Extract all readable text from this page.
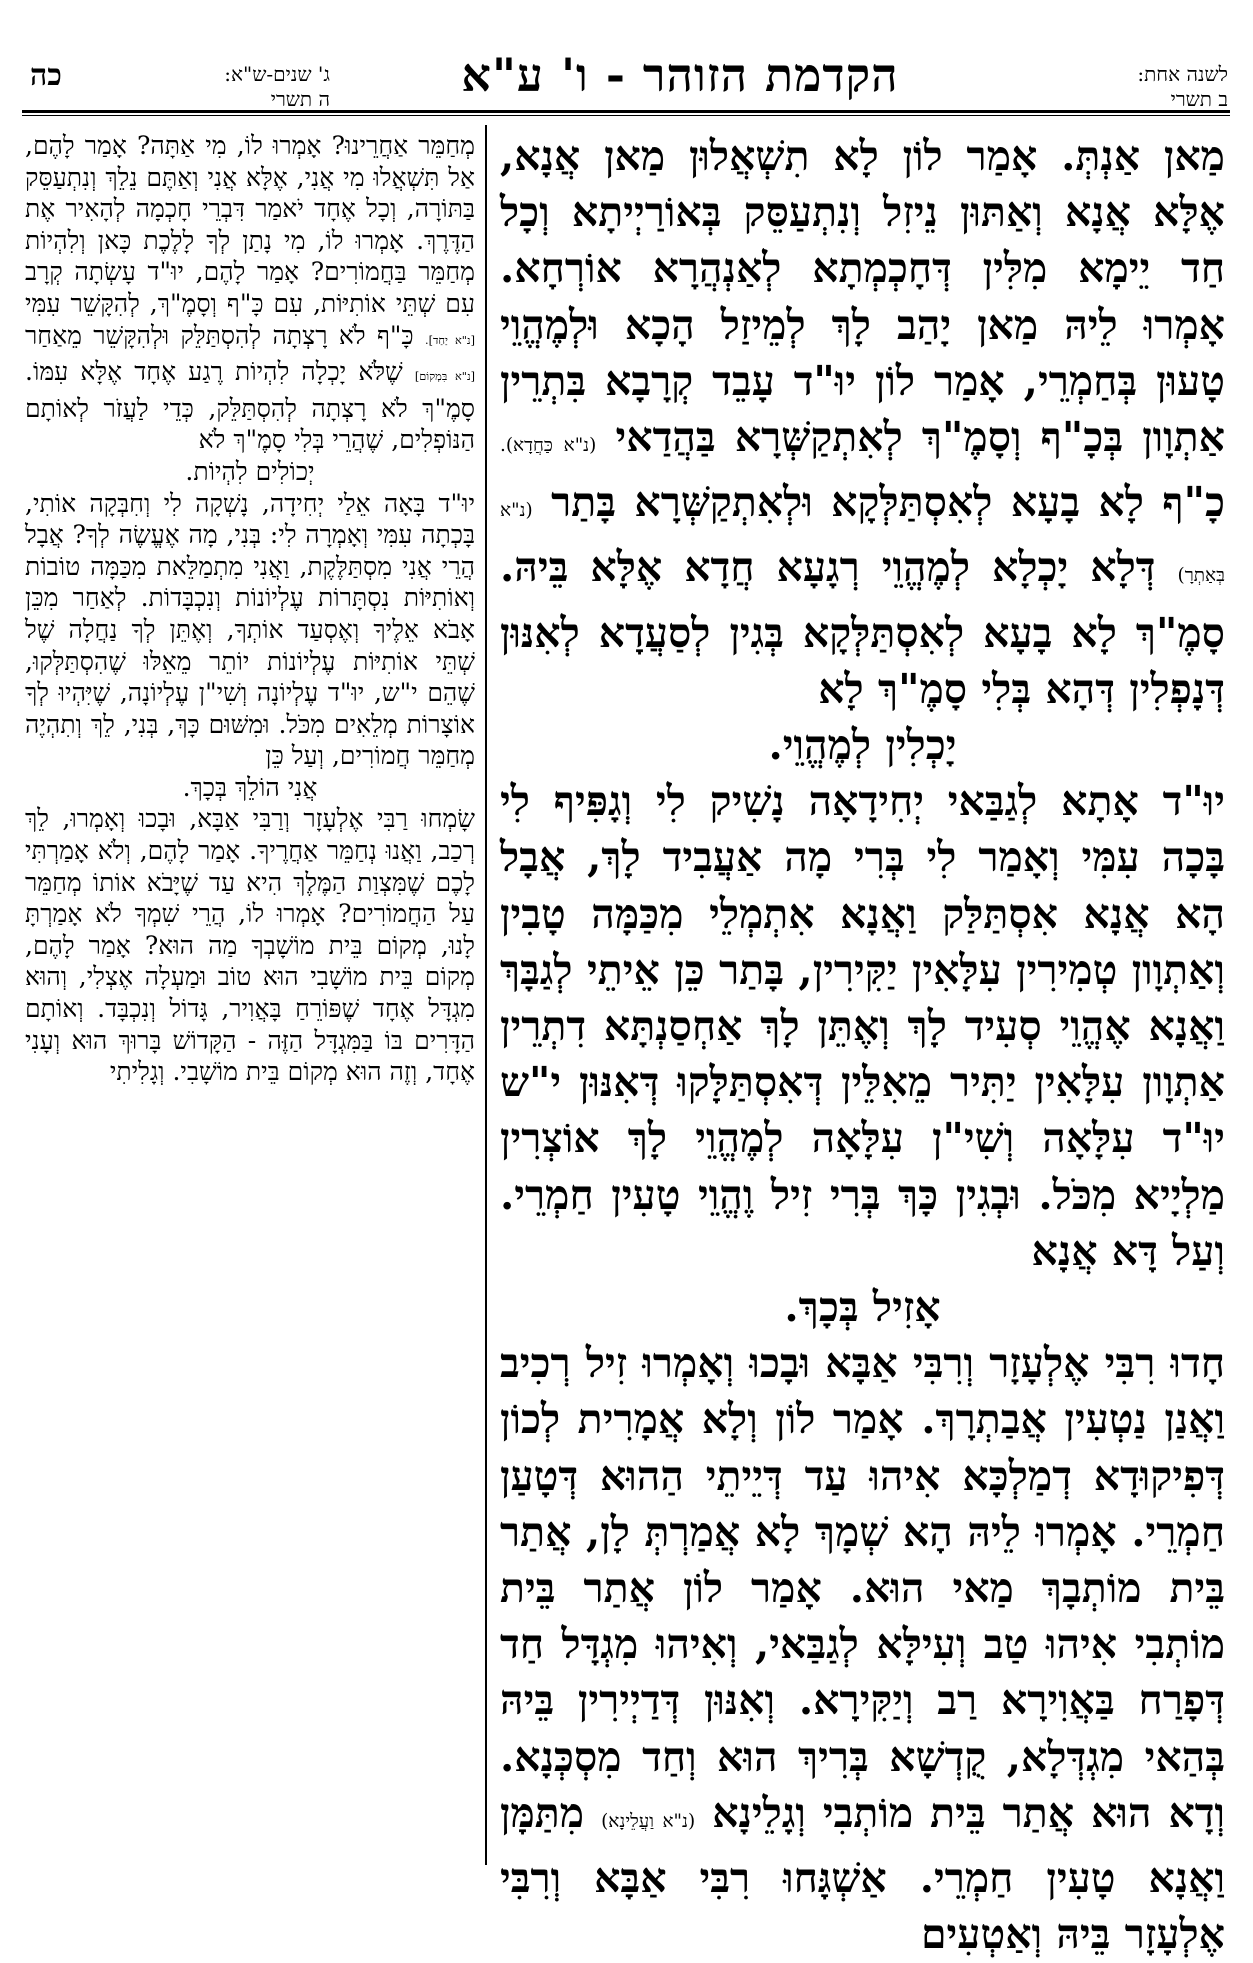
כה	ג' שנים-ש"א:
ה תשרי	הקדמת הזוהר - ו' ע"א	לשנה אחת:
ב תשרי

מַאן אַנְתְּ. אָמַר לוֹן לָא תִשְׁאֲלוּן מַאן אֲנָא, אֶלָּא אֲנָא וְאַתּוּן נֵיזִל וְנִתְעַסֵּק בְּאוֹרַיְיתָא וְכָל חַד יֵימָא מִלִּין דְּחָכְמְתָא לְאַנְהֲרָא אוֹרְחָא. אָמְרוּ לֵיהּ מַאן יָהַב לָךְ לְמֵיזַל הָכָא וּלְמֶהֱוֵי טָעוּן בְּחַמְרֵי, אָמַר לוֹן יוּ"ד עָבֵד קְרָבָא בִּתְרֵין אַתְוָון בְּכָ"ף וְסָמֶ"ךְ לְאִתְקַשְּׁרָא בַּהֲדַאי (נ"א כַּחֲדָא). כָ"ף לָא בָעָא לְאִסְתַּלְּקָא וּלְאִתְקַשְּׁרָא בָּתַר (נ"א בְּאַתְרָ) דְּלָא יָכְלָא לְמֶהֱוֵי רְגָעָא חֲדָא אֶלָּא בֵּיהּ. סָמֶ"ךְ לָא בָעָא לְאִסְתַּלְּקָא בְּגִין לְסַעֲדָא לְאִנּוּן דְּנָפְלִין דְּהָא בְּלִי סָמֶ"ךְ לָא

יָכְלִין לְמֶהֱוֵי.

יוּ"ד אָתָא לְגַבַּאי יְחִידָאָה נָשִׁיק לִי וְגָפִּיף לִי בָּכָה עִמִּי וְאָמַר לִי בְּרִי מָה אַעֲבִיד לָךְ, אֲבָל הָא אֲנָא אִסְתַּלַּק וַאֲנָא אִתְמְלֵי מִכַּמָּה טָבִין וְאַתְוָון טְמִירִין עִלָּאִין יַקִּירִין, בָּתַר כֵּן אֵיתֵי לְגַבָּךְ וַאֲנָא אֶהֱוֵי סְעִיד לָךְ וְאֶתֵּן לָךְ אַחְסַנְתָּא דִתְרֵין אַתְוָון עִלָּאִין יַתִּיר מֵאִלֵּין דְּאִסְתַּלָּקוּ דְּאִנּוּן י"ש יוּ"ד עִלָּאָה וְשִׁי"ן עִלָּאָה לְמֶהֱוֵי לָךְ אוֹצְרִין מַלְיָיא מִכֹּל. וּבְגִין כָּךְ בְּרִי זִיל וֶהֱוֵי טָעִין חַמְרֵי. וְעַל דָּא אֲנָא

אָזִיל בְּכָךְ.

חָדוּ רִבִּי אֶלְעָזָר וְרִבִּי אַבָּא וּבָכוּ וְאָמְרוּ זִיל רְכִיב וַאֲנַן נַטְעִין אֲבַתְרָךְ. אָמַר לוֹן וְלָא אֲמָרִית לְכוֹן דְּפִיקוּדָא דְמַלְכָּא אִיהוּ עַד דְּיֵיתֵי הַהוּא דְּטָעַן חַמְרֵי. אָמְרוּ לֵיהּ הָא שְׁמָךְ לָא אֲמַרְתְּ לָן, אֲתַר בֵּית מוֹתְבָךְ מַאי הוּא. אָמַר לוֹן אֲתַר בֵּית מוֹתְבִי אִיהוּ טַב וְעִילָּא לְגַבַּאי, וְאִיהוּ מִגְדָּל חַד דְּפָרַח בַּאֲוִירָא רַב וְיַקִּירָא. וְאִנּוּן דְּדַיְירִין בֵּיהּ בְּהַאי מִגְדְּלָא, קֻדְשָׁא בְּרִיךְ הוּא וְחַד מִסְכְּנָא. וְדָא הוּא אֲתַר בֵּית מוֹתְבִי וְגָלֵינָא (נ"א וַעֲלֵינָא) מִתַּמָּן וַאֲנָא טָעִין חַמְרֵי. אַשְׁגָּחוּ רִבִּי אַבָּא וְרִבִּי אֶלְעָזָר בֵּיהּ וְאַטְעִים

מְחַמֵּר אַחֲרֵינוּ? אָמְרוּ לוֹ, מִי אַתָּה? אָמַר לָהֶם, אַל תִּשְׁאֲלוּ מִי אֲנִי, אֶלָּא אֲנִי וְאַתֶּם נֵלֵךְ וְנִתְעַסֵּק בַּתּוֹרָה, וְכָל אֶחָד יֹאמַר דִּבְרֵי חָכְמָה לְהָאִיר אֶת הַדֶּרֶךְ. אָמְרוּ לוֹ, מִי נָתַן לְךָ לָלֶכֶת כָּאן וְלִהְיוֹת מְחַמֵּר בַּחֲמוֹרִים? אָמַר לָהֶם, יוּ"ד עָשְׂתָה קְרָב עִם שְׁתֵּי אוֹתִיּוֹת, עִם כָּ"ף וְסָמֶ"ךְ, לְהִקָּשֵׁר עִמִּי [נ"א יַחַד]. כָּ"ף לֹא רָצְתָה לְהִסְתַּלֵּק וּלְהִקָּשֵׁר מֵאַחַר [נ"א בִּמְקוֹם] שֶׁלֹּא יָכְלָה לִהְיוֹת רֶגַע אֶחָד אֶלָּא עִמּוֹ. סָמֶ"ךְ לֹא רָצְתָה לְהִסְתַּלֵּק, כְּדֵי לַעֲזֹר לְאוֹתָם הַנּוֹפְלִים, שֶׁהֲרֵי בְּלִי סָמֶ"ךְ לֹא

יְכוֹלִים לִהְיוֹת.

יוּ"ד בָּאָה אֵלַי יְחִידָה, נָשְׁקָה לִי וְחִבְּקָה אוֹתִי, בָּכְתָה עִמִּי וְאָמְרָה לִי: בְּנִי, מָה אֶעֱשֶׂה לְךָ? אֲבָל הֲרֵי אֲנִי מִסְתַּלֶּקֶת, וַאֲנִי מִתְמַלֵּאת מִכַּמָּה טוֹבוֹת וְאוֹתִיּוֹת נִסְתָּרוֹת עֶלְיוֹנוֹת וְנִכְבָּדוֹת. לְאַחַר מִכֵּן אָבֹא אֵלֶיךָ וְאֶסְעַד אוֹתְךָ, וְאֶתֵּן לְךָ נַחֲלָה שֶׁל שְׁתֵּי אוֹתִיּוֹת עֶלְיוֹנוֹת יוֹתֵר מֵאֵלּוּ שֶׁהִסְתַּלְּקוּ, שֶׁהֵם י"ש, יוּ"ד עֶלְיוֹנָה וְשִׁי"ן עֶלְיוֹנָה, שֶׁיִּהְיוּ לְךָ אוֹצָרוֹת מְלֵאִים מִכֹּל. וּמִשּׁוּם כָּךְ, בְּנִי, לֵךְ וְתִהְיֶה מְחַמֵּר חֲמוֹרִים, וְעַל כֵּן

אֲנִי הוֹלֵךְ בְּכָךְ.

שָׂמְחוּ רַבִּי אֶלְעָזָר וְרַבִּי אַבָּא, וּבָכוּ וְאָמְרוּ, לֵךְ רְכַב, וַאֲנוּ נְחַמֵּר אַחֲרֶיךָ. אָמַר לָהֶם, וְלֹא אָמַרְתִּי לָכֶם שֶׁמִּצְוַת הַמֶּלֶךְ הִיא עַד שֶׁיָּבֹא אוֹתוֹ מְחַמֵּר עַל הַחֲמוֹרִים? אָמְרוּ לוֹ, הֲרֵי שִׁמְךָ לֹא אָמַרְתָּ לָנוּ, מְקוֹם בֵּית מוֹשָׁבְךָ מַה הוּא? אָמַר לָהֶם, מְקוֹם בֵּית מוֹשָׁבִי הוּא טוֹב וּמַעְלָה אֶצְלִי, וְהוּא מִגְדָּל אֶחָד שֶׁפּוֹרֵחַ בָּאֲוִיר, גָּדוֹל וְנִכְבָּד. וְאוֹתָם הַדָּרִים בּוֹ בַּמִּגְדָּל הַזֶּה - הַקָּדוֹשׁ בָּרוּךְ הוּא וְעָנִי אֶחָד, וְזֶה הוּא מְקוֹם בֵּית מוֹשָׁבִי. וְגָלִיתִי
